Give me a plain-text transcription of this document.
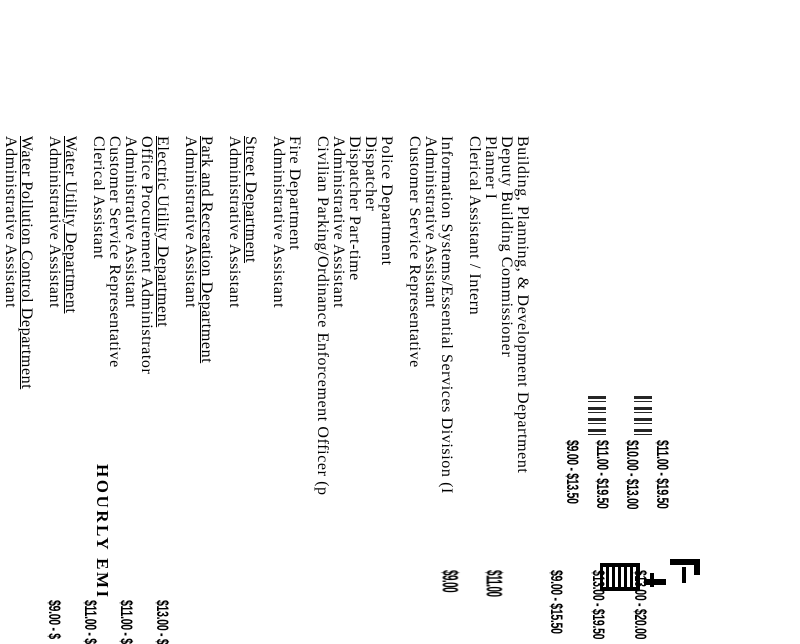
HOURLY EMI
Building, Planning, & Development Department
Deputy Building Commissioner
Planner I
Clerical Assistant / Intern
Information Systems/Essential Services Division (I
Administrative Assistant
Customer Service Representative
Police Department
Dispatcher
Dispatcher Part-time
Administrative Assistant
Civilian Parking/Ordinance Enforcement Officer (p
Fire Department
Administrative Assistant
Street Department
Administrative Assistant
Park and Recreation Department
Administrative Assistant
Electric Utility Department
Office Procurement Administrator
Administrative Assistant
Customer Service Representative
Clerical Assistant
Water Utility Department
Administrative Assistant
Water Pollution Control Department
Administrative Assistant
$13.00 - $20.00
$13.00 - $19.50
$9.00 - $15.50
$11.00
$9.00
$11.00 - $19.50
$10.00 - $13.00
$11.00 - $19.50
$9.00 - $13.50
$13.00 - $
$11.00 - $
$11.00 - $
$9.00 - $
